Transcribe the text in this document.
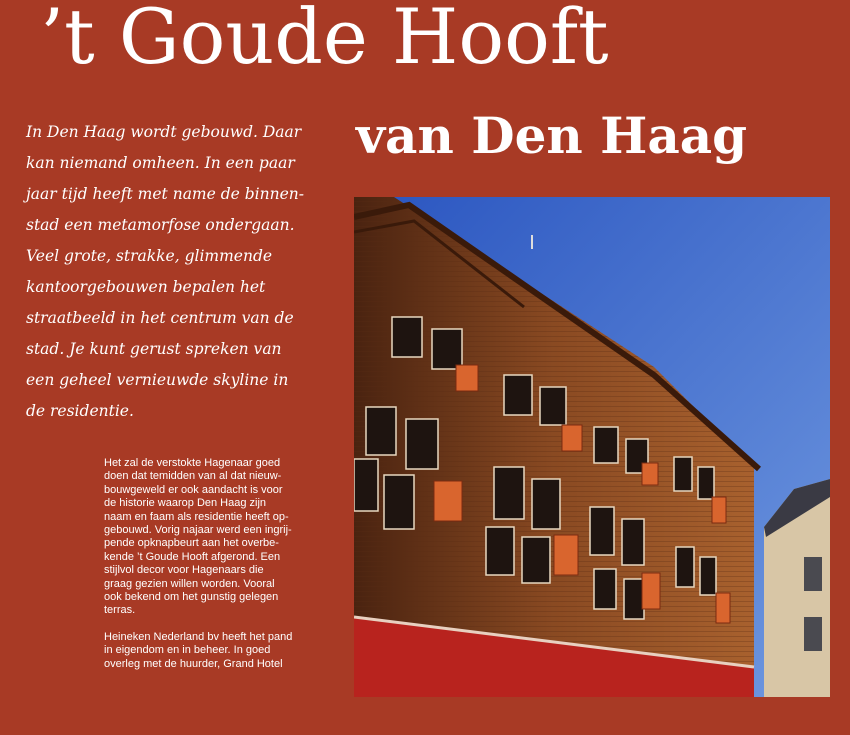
’t Goude Hooft
van Den Haag
In Den Haag wordt gebouwd. Daar
kan niemand omheen. In een paar
jaar tijd heeft met name de binnen-
stad een metamorfose ondergaan.
Veel grote, strakke, glimmende
kantoorgebouwen bepalen het
straatbeeld in het centrum van de
stad. Je kunt gerust spreken van
een geheel vernieuwde skyline in
de residentie.

Het zal de verstokte Hagenaar goed
doen dat temidden van al dat nieuw-
bouwgeweld er ook aandacht is voor
de historie waarop Den Haag zijn
naam en faam als residentie heeft op-
gebouwd. Vorig najaar werd een ingrij-
pende opknapbeurt aan het overbe-
kende ’t Goude Hooft afgerond. Een
stijlvol decor voor Hagenaars die
graag gezien willen worden. Vooral
ook bekend om het gunstig gelegen
terras.

Heineken Nederland bv heeft het pand
in eigendom en in beheer. In goed
overleg met de huurder, Grand Hotel
